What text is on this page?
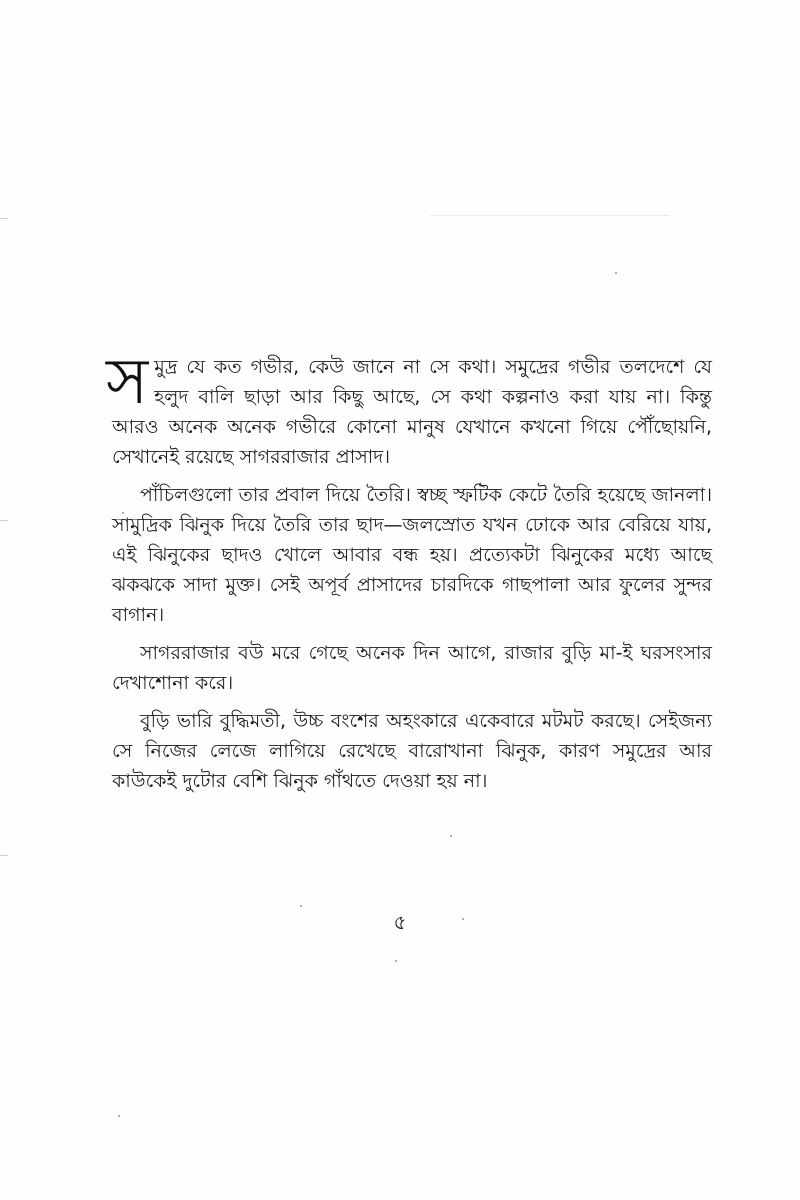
সমুদ্র যে কত গভীর, কেউ জানে না সে কথা। সমুদ্রের গভীর তলদেশে যে হলুদ বালি ছাড়া আর কিছু আছে, সে কথা কল্পনাও করা যায় না। কিন্তু আরও অনেক অনেক গভীরে কোনো মানুষ যেখানে কখনো গিয়ে পৌঁছোয়নি, সেখানেই রয়েছে সাগররাজার প্রাসাদ।

পাঁচিলগুলো তার প্রবাল দিয়ে তৈরি। স্বচ্ছ স্ফটিক কেটে তৈরি হয়েছে জানলা। সামুদ্রিক ঝিনুক দিয়ে তৈরি তার ছাদ—জলস্রোত যখন ঢোকে আর বেরিয়ে যায়, এই ঝিনুকের ছাদও খোলে আবার বন্ধ হয়। প্রত্যেকটা ঝিনুকের মধ্যে আছে ঝকঝকে সাদা মুক্ত। সেই অপূর্ব প্রাসাদের চারদিকে গাছপালা আর ফুলের সুন্দর বাগান।

সাগররাজার বউ মরে গেছে অনেক দিন আগে, রাজার বুড়ি মা-ই ঘরসংসার দেখাশোনা করে।

বুড়ি ভারি বুদ্ধিমতী, উচ্চ বংশের অহংকারে একেবারে মটমট করছে। সেইজন্য সে নিজের লেজে লাগিয়ে রেখেছে বারোখানা ঝিনুক, কারণ সমুদ্রের আর কাউকেই দুটোর বেশি ঝিনুক গাঁথতে দেওয়া হয় না।

৫
